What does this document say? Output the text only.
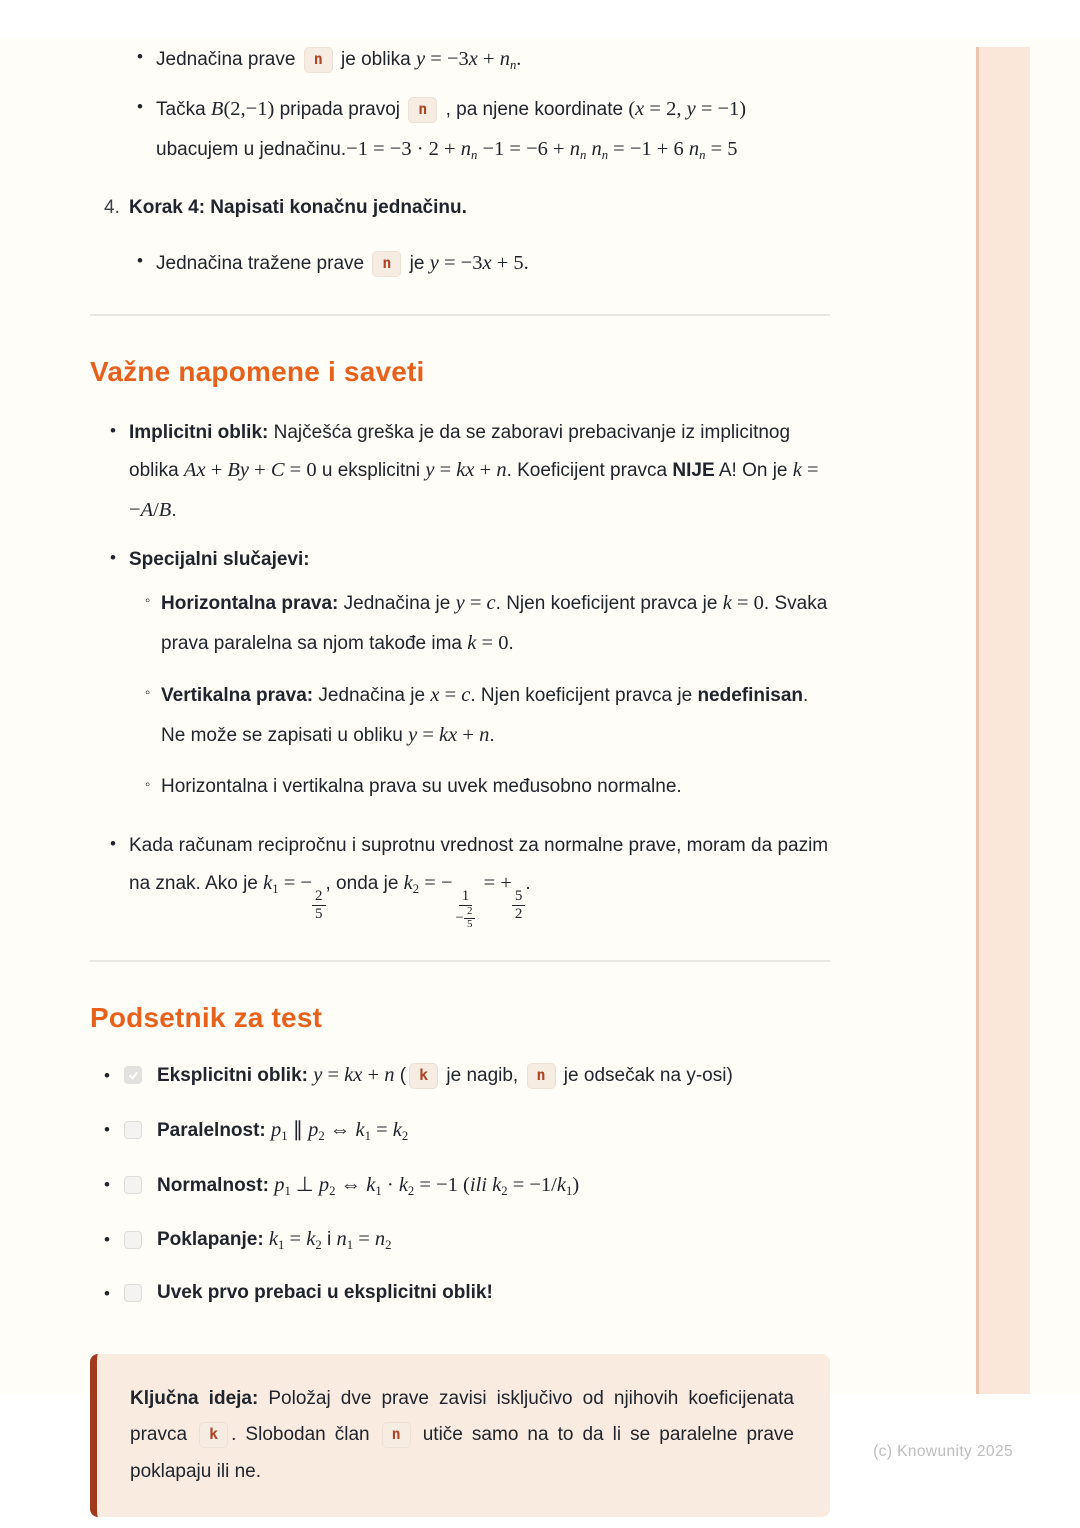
• Jednačina prave n je oblika $y = -3x + n_n$.
• Tačka B(2,−1) pripada pravoj n , pa njene koordinate (x = 2, y = −1) ubacujem u jednačinu.−1 = $-3 \cdot 2 + n_n -1 = -6 + n_n$ $n_n = -1 + 6$ $n_n = 5$
4. Korak 4: Napisati konačnu jednačinu.
• Jednačina tražene prave n je y = −3x + 5.
Važne napomene i saveti
• Implicitni oblik: Najčešća greška je da se zaboravi prebacivanje iz implicitnog oblika Ax + By + C = 0 u eksplicitni y = kx + n. Koeficijent pravca NIJE A! On je k = −A/B.
• Specijalni slučajevi:
◦ Horizontalna prava: Jednačina je y = c. Njen koeficijent pravca je k = 0. Svaka prava paralelna sa njom takođe ima k = 0.
◦ Vertikalna prava: Jednačina je x = c. Njen koeficijent pravca je nedefinisan. Ne može se zapisati u obliku y = kx + n.
◦ Horizontalna i vertikalna prava su uvek međusobno normalne.
• Kada računam recipročnu i suprotnu vrednost za normalne prave, moram da pazim na znak. Ako je $k_1$ = −
$\frac{2}{5}$
, onda je $k_2$ = −
$\frac{1}{- \frac{2}{5}}$
= +
$\frac{5}{2}$
.
Podsetnik za test
•	Eksplicitni oblik: y = kx + n ( k je nagib, n je odsečak na y-osi)
•	Paralelnost: $p_1$ ∥ $p_2$ ⇔ $k_1 = k_2$
•	Normalnost: $p_1$ ⊥ $p_2$ ⇔ $k_1 \cdot k_2 = -1$ (ili $k_2 = -1/k_1$)
•	Poklapanje: $k_1 = k_2$ i $n_1 = n_2$
•	Uvek prvo prebaci u eksplicitni oblik!

Ključna ideja: Položaj dve prave zavisi isključivo od njihovih koeficijenata pravca k . Slobodan član n utiče samo na to da li se paralelne prave poklapaju ili ne.

(c) Knowunity 2025
